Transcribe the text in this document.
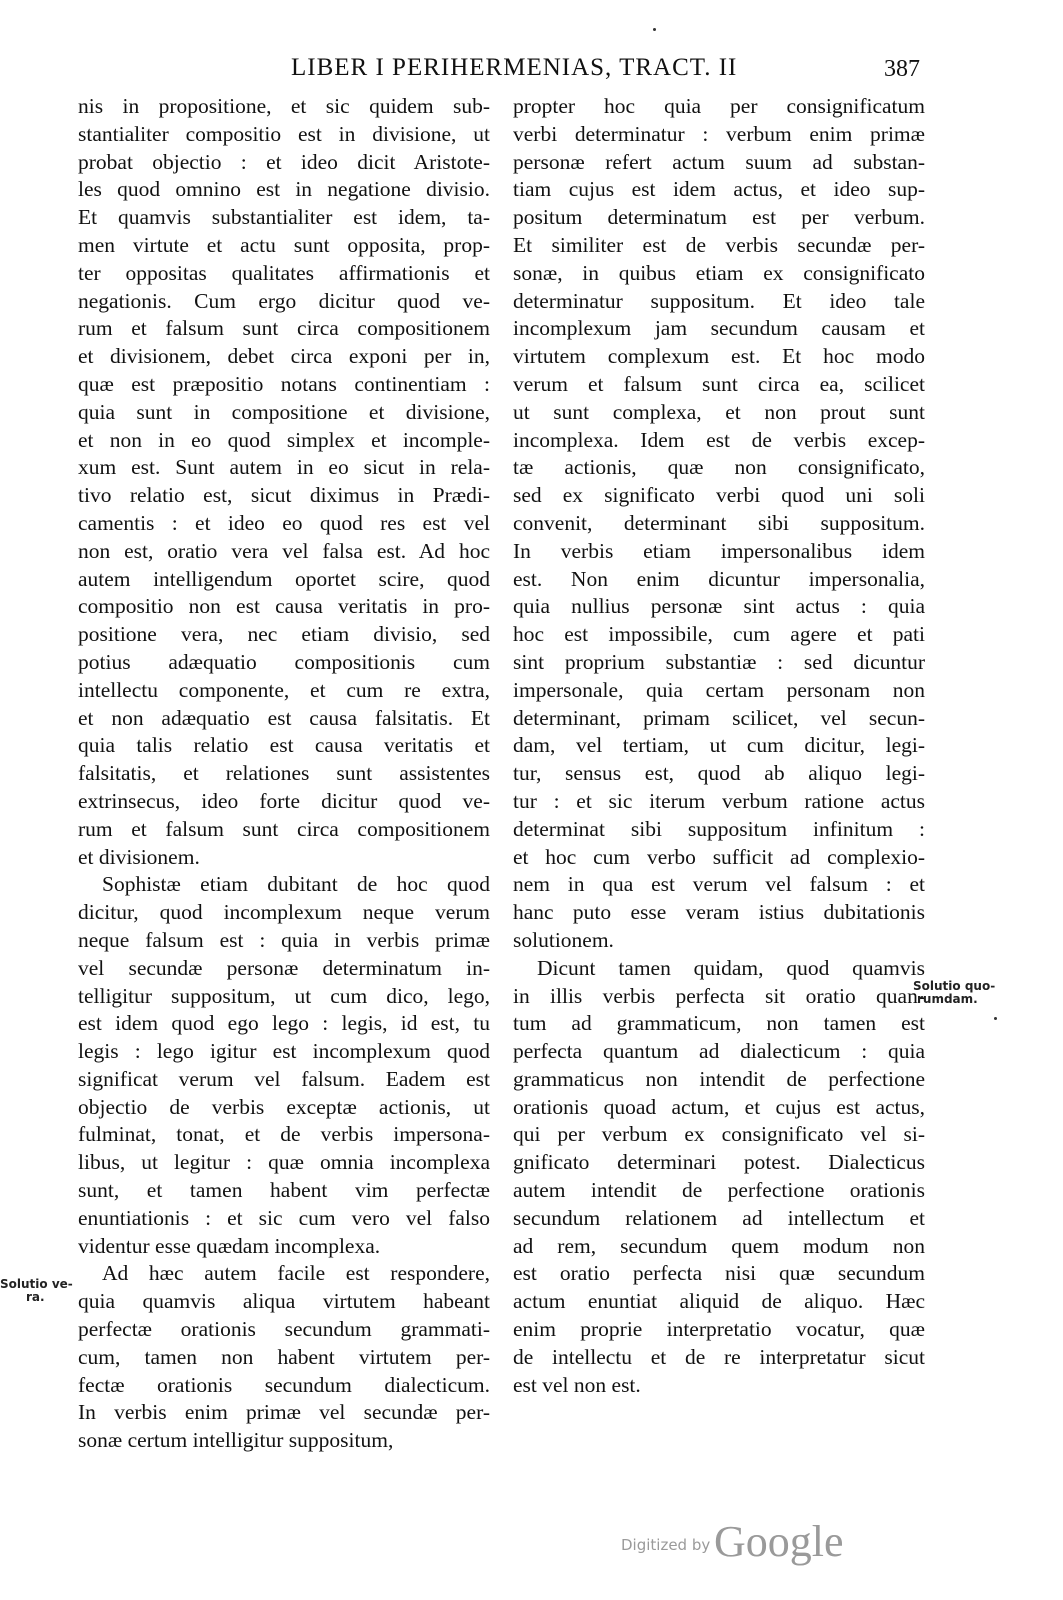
LIBER I PERIHERMENIAS, TRACT. II	387
nis in propositione, et sic quidem sub-
stantialiter compositio est in divisione, ut
probat objectio : et ideo dicit Aristote-
les quod omnino est in negatione divisio.
Et quamvis substantialiter est idem, ta-
men virtute et actu sunt opposita, prop-
ter oppositas qualitates affirmationis et
negationis. Cum ergo dicitur quod ve-
rum et falsum sunt circa compositionem
et divisionem, debet circa exponi per in,
quæ est præpositio notans continentiam :
quia sunt in compositione et divisione,
et non in eo quod simplex et incomple-
xum est. Sunt autem in eo sicut in rela-
tivo relatio est, sicut diximus in Prædi-
camentis : et ideo eo quod res est vel
non est, oratio vera vel falsa est. Ad hoc
autem intelligendum oportet scire, quod
compositio non est causa veritatis in pro-
positione vera, nec etiam divisio, sed
potius adæquatio compositionis cum
intellectu componente, et cum re extra,
et non adæquatio est causa falsitatis. Et
quia talis relatio est causa veritatis et
falsitatis, et relationes sunt assistentes
extrinsecus, ideo forte dicitur quod ve-
rum et falsum sunt circa compositionem
et divisionem.
Sophistæ etiam dubitant de hoc quod
dicitur, quod incomplexum neque verum
neque falsum est : quia in verbis primæ
vel secundæ personæ determinatum in-
telligitur suppositum, ut cum dico, lego,
est idem quod ego lego : legis, id est, tu
legis : lego igitur est incomplexum quod
significat verum vel falsum. Eadem est
objectio de verbis exceptæ actionis, ut
fulminat, tonat, et de verbis impersona-
libus, ut legitur : quæ omnia incomplexa
sunt, et tamen habent vim perfectæ
enuntiationis : et sic cum vero vel falso
videntur esse quædam incomplexa.
Ad hæc autem facile est respondere,
quia quamvis aliqua virtutem habeant
perfectæ orationis secundum grammati-
cum, tamen non habent virtutem per-
fectæ orationis secundum dialecticum.
In verbis enim primæ vel secundæ per-
sonæ certum intelligitur suppositum,
propter hoc quia per consignificatum
verbi determinatur : verbum enim primæ
personæ refert actum suum ad substan-
tiam cujus est idem actus, et ideo sup-
positum determinatum est per verbum.
Et similiter est de verbis secundæ per-
sonæ, in quibus etiam ex consignificato
determinatur suppositum. Et ideo tale
incomplexum jam secundum causam et
virtutem complexum est. Et hoc modo
verum et falsum sunt circa ea, scilicet
ut sunt complexa, et non prout sunt
incomplexa. Idem est de verbis excep-
tæ actionis, quæ non consignificato,
sed ex significato verbi quod uni soli
convenit, determinant sibi suppositum.
In verbis etiam impersonalibus idem
est. Non enim dicuntur impersonalia,
quia nullius personæ sint actus : quia
hoc est impossibile, cum agere et pati
sint proprium substantiæ : sed dicuntur
impersonale, quia certam personam non
determinant, primam scilicet, vel secun-
dam, vel tertiam, ut cum dicitur, legi-
tur, sensus est, quod ab aliquo legi-
tur : et sic iterum verbum ratione actus
determinat sibi suppositum infinitum :
et hoc cum verbo sufficit ad complexio-
nem in qua est verum vel falsum : et
hanc puto esse veram istius dubitationis
solutionem.
Dicunt tamen quidam, quod quamvis
in illis verbis perfecta sit oratio quan-
tum ad grammaticum, non tamen est
perfecta quantum ad dialecticum : quia
grammaticus non intendit de perfectione
orationis quoad actum, et cujus est actus,
qui per verbum ex consignificato vel si-
gnificato determinari potest. Dialecticus
autem intendit de perfectione orationis
secundum relationem ad intellectum et
ad rem, secundum quem modum non
est oratio perfecta nisi quæ secundum
actum enuntiat aliquid de aliquo. Hæc
enim proprie interpretatio vocatur, quæ
de intellectu et de re interpretatur sicut
est vel non est.
Solutio ve-
ra.
Solutio quo-
rumdam.
Digitized by Google
